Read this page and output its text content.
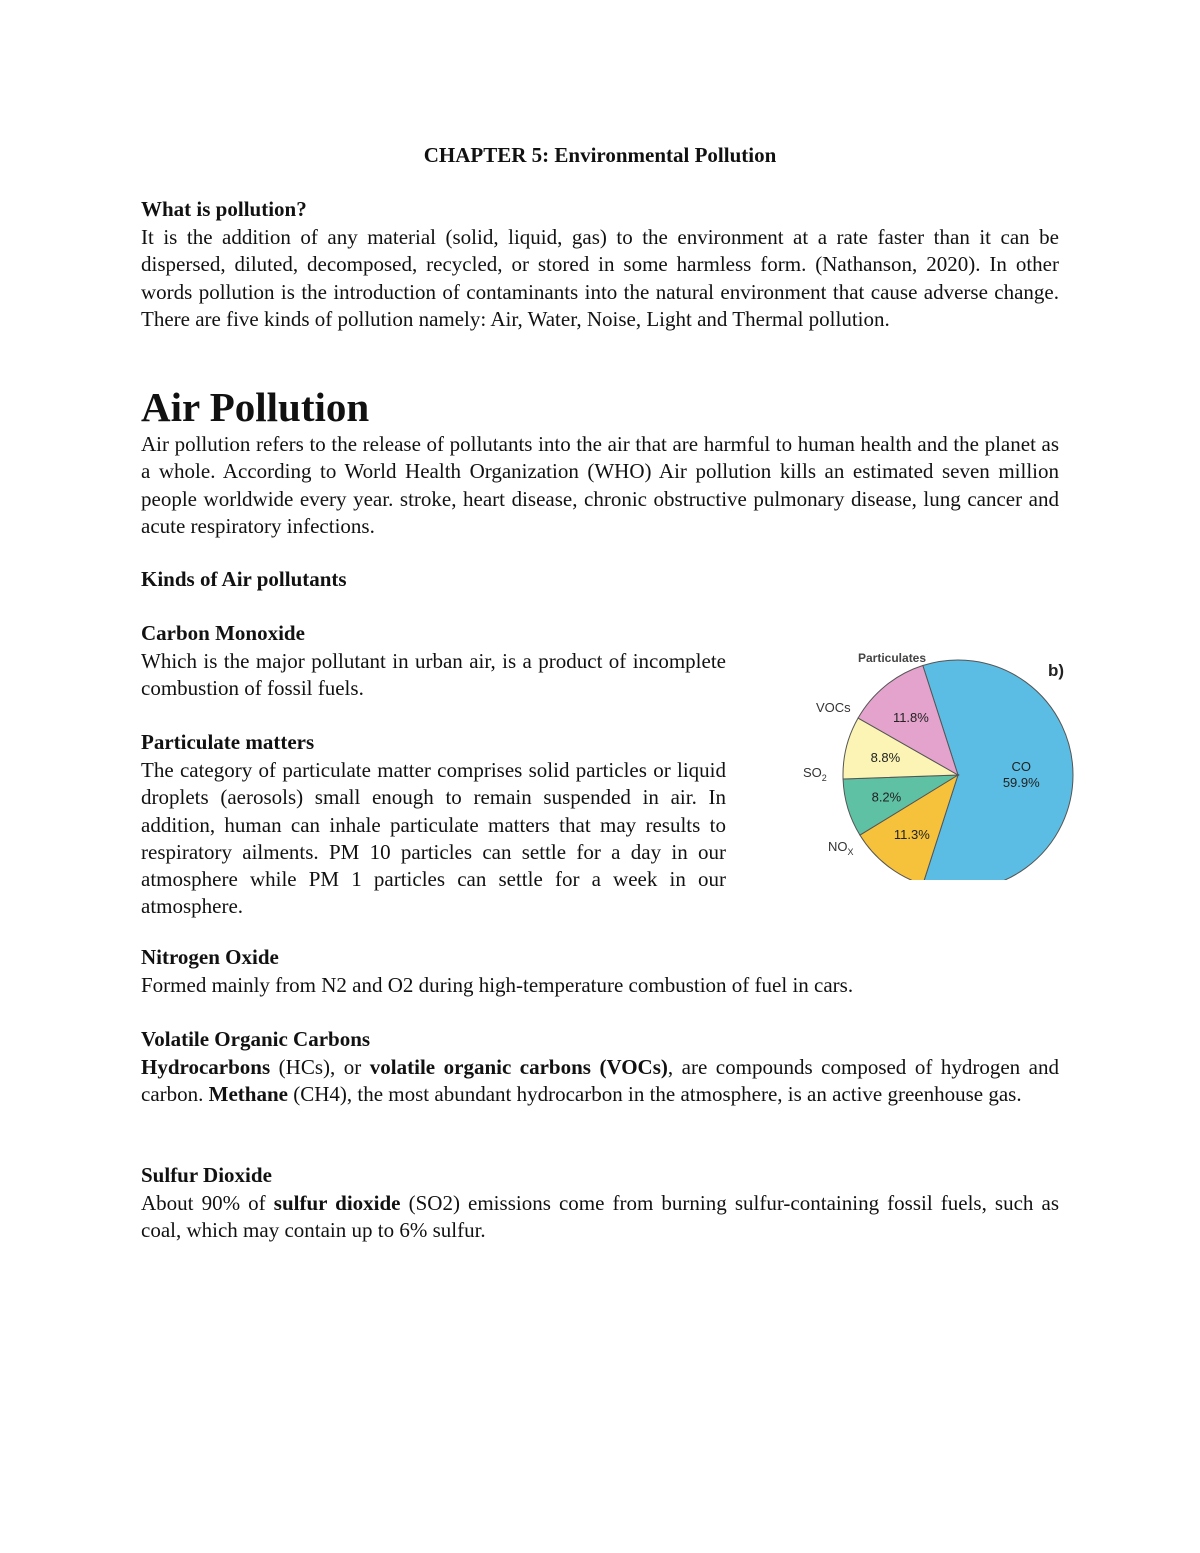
CHAPTER 5: Environmental Pollution
What is pollution?

It is the addition of any material (solid, liquid, gas) to the environment at a rate faster than it can be dispersed, diluted, decomposed, recycled, or stored in some harmless form. (Nathanson, 2020). In other words pollution is the introduction of contaminants into the natural environment that cause adverse change. There are five kinds of pollution namely: Air, Water, Noise, Light and Thermal pollution.

Air Pollution

Air pollution refers to the release of pollutants into the air that are harmful to human health and the planet as a whole. According to World Health Organization (WHO) Air pollution kills an estimated seven million people worldwide every year. stroke, heart disease, chronic obstructive pulmonary disease, lung cancer and acute respiratory infections.

Kinds of Air pollutants
Carbon Monoxide

Which is the major pollutant in urban air, is a product of incomplete combustion of fossil fuels.

Particulate matters

The category of particulate matter comprises solid particles or liquid droplets (aerosols) small enough to remain suspended in air. In addition, human can inhale particulate matters that may results to respiratory ailments. PM 10 particles can settle for a day in our atmosphere while PM 1 particles can settle for a week in our atmosphere.

Nitrogen Oxide

Formed mainly from N2 and O2 during high-temperature combustion of fuel in cars.

Volatile Organic Carbons

Hydrocarbons (HCs), or volatile organic carbons (VOCs), are compounds composed of hydrogen and carbon. Methane (CH4), the most abundant hydrocarbon in the atmosphere, is an active greenhouse gas.

Sulfur Dioxide

About 90% of sulfur dioxide (SO2) emissions come from burning sulfur-containing fossil fuels, such as coal, which may contain up to 6% sulfur.

CO
59.9%
11.3%
8.2%
8.8%
11.8%
b)
Particulates
VOCs
$SO_2$
$NO_X$
